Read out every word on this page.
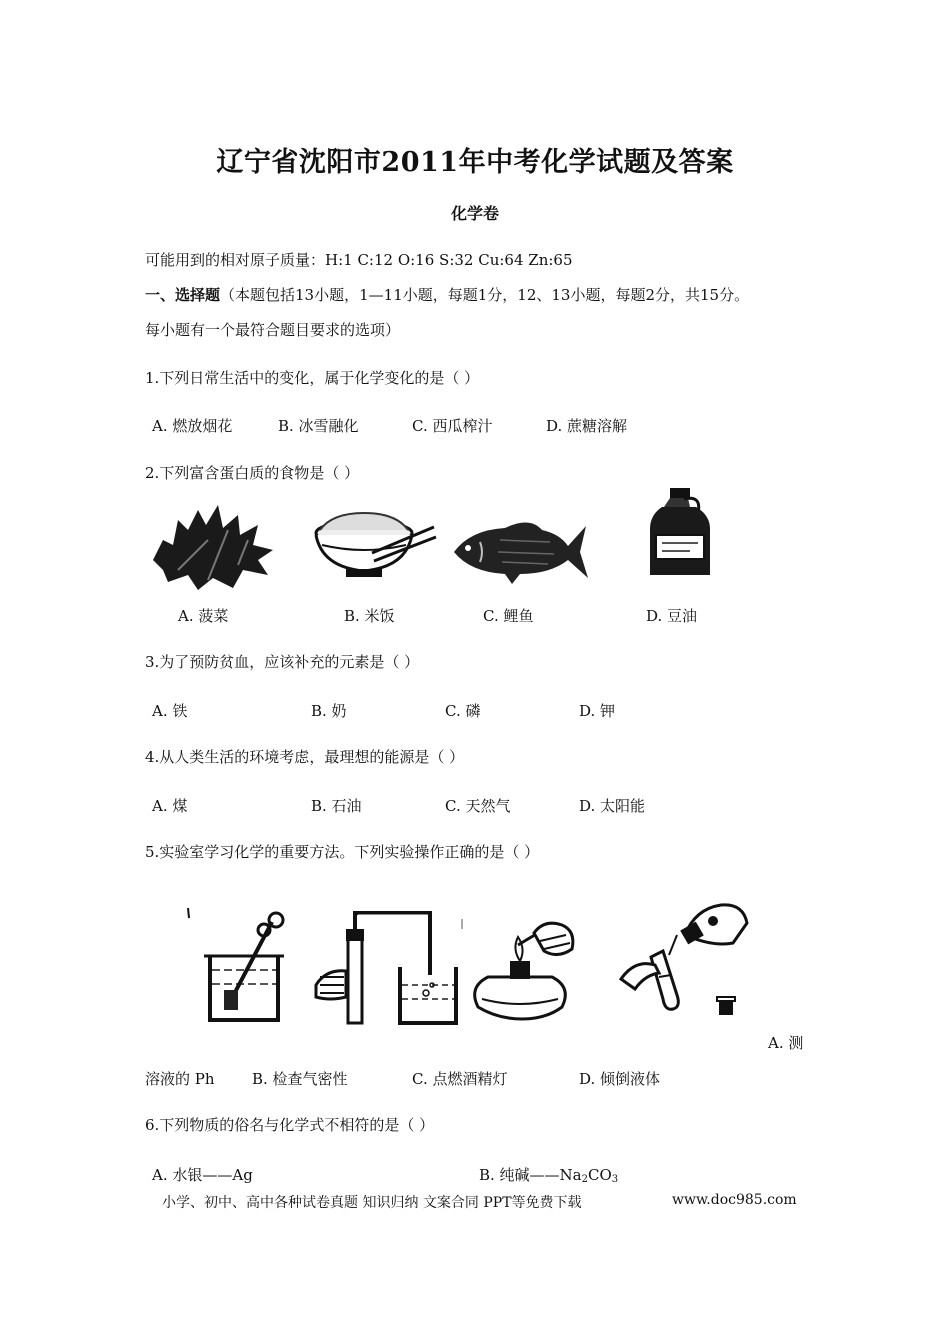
辽宁省沈阳市2011年中考化学试题及答案
化学卷
可能用到的相对原子质量：H:1 C:12 O:16 S:32 Cu:64 Zn:65
一、选择题（本题包括13小题，1—11小题，每题1分，12、13小题，每题2分，共15分。
每小题有一个最符合题目要求的选项）
1.下列日常生活中的变化，属于化学变化的是（ ）
A. 燃放烟花	B. 冰雪融化	C. 西瓜榨汁	D. 蔗糖溶解
2.下列富含蛋白质的食物是（ ）
A. 菠菜	B. 米饭	C. 鲤鱼	D. 豆油
3.为了预防贫血，应该补充的元素是（ ）
A. 铁	B. 奶	C. 磷	D. 钾
4.从人类生活的环境考虑，最理想的能源是（ ）
A. 煤	B. 石油	C. 天然气	D. 太阳能
5.实验室学习化学的重要方法。下列实验操作正确的是（ ）
A. 测
溶液的 Ph B. 检查气密性	C. 点燃酒精灯	D. 倾倒液体
6.下列物质的俗名与化学式不相符的是（ ）
A. 水银——Ag	B. 纯碱$——Na_2CO_3$
小学、初中、高中各种试卷真题 知识归纳 文案合同 PPT等免费下载	www.doc985.com
